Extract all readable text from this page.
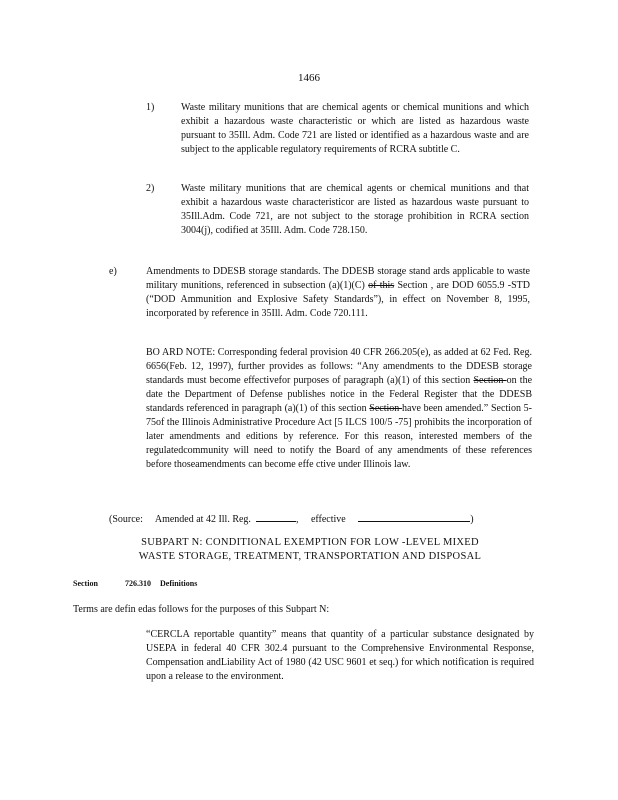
1466
1)	Waste military munitions that are chemical agents or chemical munitions and which exhibit a hazardous waste characteristic or which are listed as hazardous waste pursuant to 35Ill. Adm. Code 721 are listed or identified as a hazardous waste and are subject to the applicable regulatory requirements of RCRA subtitle C.
2)	Waste military munitions that are chemical agents or chemical munitions and that exhibit a hazardous waste characteristicor are listed as hazardous waste pursuant to 35Ill.Adm. Code 721, are not subject to the storage prohibition in RCRA section 3004(j), codified at 35Ill. Adm. Code 728.150.
e)	Amendments to DDESB storage standards. The DDESB storage stand ards applicable to waste military munitions, referenced in subsection (a)(1)(C) of this Section , are DOD 6055.9 -STD (“DOD Ammunition and Explosive Safety Standards”), in effect on November 8, 1995, incorporated by reference in 35Ill. Adm. Code 720.111.
BO ARD NOTE: Corresponding federal provision 40 CFR 266.205(e), as added at 62 Fed. Reg. 6656(Feb. 12, 1997), further provides as follows: “Any amendments to the DDESB storage standards must become effectivefor purposes of paragraph (a)(1) of this section Section on the date the Department of Defense publishes notice in the Federal Register that the DDESB standards referenced in paragraph (a)(1) of this section Section have been amended.” Section 5- 75of the Illinois Administrative Procedure Act [5 ILCS 100/5 -75] prohibits the incorporation of later amendments and editions by reference. For this reason, interested members of the regulatedcommunity will need to notify the Board of any amendments of these references before thoseamendments can become effe ctive under Illinois law.
(Source: Amended at 42 Ill. Reg.	, effective	)
SUBPART N: CONDITIONAL EXEMPTION FOR LOW -LEVEL MIXED
WASTE STORAGE, TREATMENT, TRANSPORTATION AND DISPOSAL
Section	726.310 Definitions
Terms are defin edas follows for the purposes of this Subpart N:
“CERCLA reportable quantity” means that quantity of a particular substance designated by USEPA in federal 40 CFR 302.4 pursuant to the Comprehensive Environmental Response, Compensation andLiability Act of 1980 (42 USC 9601 et seq.) for which notification is required upon a release to the environment.
